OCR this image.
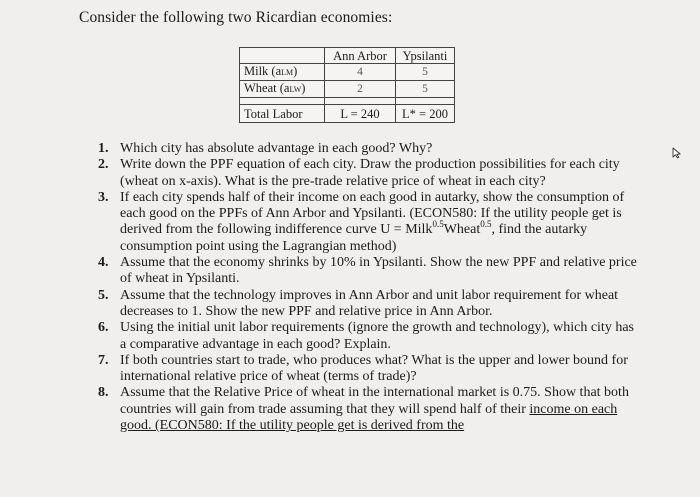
Consider the following two Ricardian economies:
	Ann Arbor	Ypsilanti
Milk (aLM)	4	5
Wheat (aLW)	2	5

Total Labor	L = 240	L* = 200
1. Which city has absolute advantage in each good? Why?
2. Write down the PPF equation of each city. Draw the production possibilities for each city (wheat on x-axis). What is the pre-trade relative price of wheat in each city?
3. If each city spends half of their income on each good in autarky, show the consumption of each good on the PPFs of Ann Arbor and Ypsilanti. (ECON580: If the utility people get is derived from the following indifference curve U = Milk$^{0.5}$Wheat$^{0.5}$, find the autarky consumption point using the Lagrangian method)
4. Assume that the economy shrinks by 10% in Ypsilanti. Show the new PPF and relative price of wheat in Ypsilanti.
5. Assume that the technology improves in Ann Arbor and unit labor requirement for wheat decreases to 1. Show the new PPF and relative price in Ann Arbor.
6. Using the initial unit labor requirements (ignore the growth and technology), which city has a comparative advantage in each good? Explain.
7. If both countries start to trade, who produces what? What is the upper and lower bound for international relative price of wheat (terms of trade)?
8. Assume that the Relative Price of wheat in the international market is 0.75. Show that both countries will gain from trade assuming that they will spend half of their income on each good. (ECON580: If the utility people get is derived from the
